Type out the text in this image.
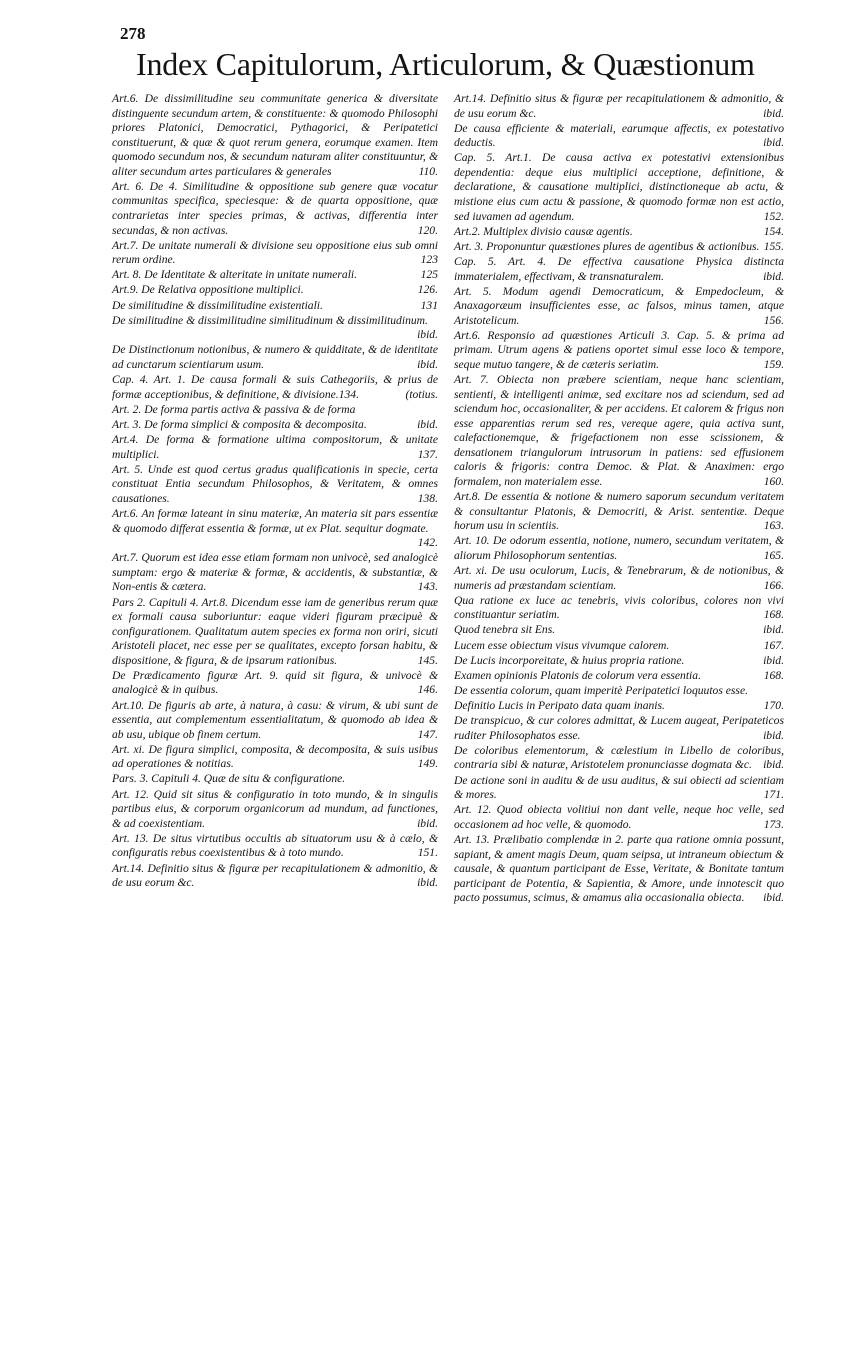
278
Index Capitulorum, Articulorum, & Quæstionum
Art.6. De dissimilitudine seu communitate generica & diversitate distinguente secundum artem, & constituente: & quomodo Philosophi priores Platonici, Democratici, Pythagorici, & Peripatetici constituerunt, & quæ & quot rerum genera, eorumque examen. Item quomodo secundum nos, & secundum naturam aliter constituuntur, & aliter secundum artes particulares & generales	110.
Art. 6. De 4. Similitudine & oppositione sub genere quæ vocatur communitas specifica, speciesque: & de quarta oppositione, quæ contrarietas inter species primas, & activas, differentia inter secundas, & non activas.	120.
Art.7. De unitate numerali & divisione seu oppositione eius sub omni rerum ordine.	123
Art. 8. De Identitate & alteritate in unitate numerali.	125
Art.9. De Relativa oppositione multiplici.	126.
De similitudine & dissimilitudine existentiali.	131
De similitudine & dissimilitudine similitudinum & dissimilitudinum.
ibid.
De Distinctionum notionibus, & numero & quidditate, & de identitate ad cunctarum scientiarum usum.	ibid.
Cap. 4. Art. 1. De causa formali & suis Cathegoriis, & prius de formæ acceptionibus, & definitione, & divisione.134.	(totius.
Art. 2. De forma partis activa & passiva & de forma
Art. 3. De forma simplici & composita & decomposita.	ibid.
Art.4. De forma & formatione ultima compositorum, & unitate multiplici.	137.
Art. 5. Unde est quod certus gradus qualificationis in specie, certa constituat Entia secundum Philosophos, & Veritatem, & omnes causationes.	138.
Art.6. An formæ lateant in sinu materiæ, An materia sit pars essentiæ & quomodo differat essentia & formæ, ut ex Plat. sequitur dogmate.
142.
Art.7. Quorum est idea esse etiam formam non univocè, sed analogicè sumptam: ergo & materiæ & formæ, & accidentis, & substantiæ, & Non-entis & cætera.	143.
Pars 2. Capituli 4. Art.8. Dicendum esse iam de generibus rerum quæ ex formali causa suboriuntur: eaque videri figuram præcipuè & configurationem. Qualitatum autem species ex forma non oriri, sicuti Aristoteli placet, nec esse per se qualitates, excepto forsan habitu, & dispositione, & figura, & de ipsarum rationibus.	145.
De Prædicamento figuræ Art. 9. quid sit figura, & univocè & analogicè & in quibus.	146.
Art.10. De figuris ab arte, à natura, à casu: & virum, & ubi sunt de essentia, aut complementum essentialitatum, & quomodo ab idea & ab usu, ubique ob finem certum.	147.
Art. xi. De figura simplici, composita, & decomposita, & suis usibus ad operationes & notitias.	149.
Pars. 3. Capituli 4. Quæ de situ & configuratione.
Art. 12. Quid sit situs & configuratio in toto mundo, & in singulis partibus eius, & corporum organicorum ad mundum, ad functiones, & ad coexistentiam.	ibid.
Art. 13. De situs virtutibus occultis ab situatorum usu & à cælo, & configuratis rebus coexistentibus & à toto mundo.	151.
Art.14. Definitio situs & figuræ per recapitulationem & admonitio, & de usu eorum &c.	ibid.
Art.14. Definitio situs & figuræ per recapitulationem & admonitio, & de usu eorum &c.	ibid.
De causa efficiente & materiali, earumque affectis, ex potestativo deductis.	ibid.
Cap. 5. Art.1. De causa activa ex potestativi extensionibus dependentia: deque eius multiplici acceptione, definitione, & declaratione, & causatione multiplici, distinctioneque ab actu, & mistione eius cum actu & passione, & quomodo formæ non est actio, sed iuvamen ad agendum.	152.
Art.2. Multiplex divisio causæ agentis.	154.
Art. 3. Proponuntur quæstiones plures de agentibus & actionibus. 155.
Cap. 5. Art. 4. De effectiva causatione Physica distincta immaterialem, effectivam, & transnaturalem.	ibid.
Art. 5. Modum agendi Democraticum, & Empedocleum, & Anaxagoræum insufficientes esse, ac falsos, minus tamen, atque Aristotelicum.	156.
Art.6. Responsio ad quæstiones Articuli 3. Cap. 5. & prima ad primam. Utrum agens & patiens oportet simul esse loco & tempore, seque mutuo tangere, & de cæteris seriatim.	159.
Art. 7. Obiecta non præbere scientiam, neque hanc scientiam, sentienti, & intelligenti animæ, sed excitare nos ad sciendum, sed ad sciendum hoc, occasionaliter, & per accidens. Et calorem & frigus non esse apparentias rerum sed res, vereque agere, quia activa sunt, calefactionemque, & frigefactionem non esse scissionem, & densationem triangulorum intrusorum in patiens: sed effusionem caloris & frigoris: contra Democ. & Plat. & Anaximen: ergo formalem, non materialem esse.	160.
Art.8. De essentia & notione & numero saporum secundum veritatem & consultantur Platonis, & Democriti, & Arist. sententiæ. Deque horum usu in scientiis.	163.
Art. 10. De odorum essentia, notione, numero, secundum veritatem, & aliorum Philosophorum sententias.	165.
Art. xi. De usu oculorum, Lucis, & Tenebrarum, & de notionibus, & numeris ad præstandam scientiam.	166.
Qua ratione ex luce ac tenebris, vivis coloribus, colores non vivi constituantur seriatim.	168.
Quod tenebra sit Ens.	ibid.
Lucem esse obiectum visus vivumque calorem.	167.
De Lucis incorporeitate, & huius propria ratione.	ibid.
Examen opinionis Platonis de colorum vera essentia.	168.
De essentia colorum, quam imperitè Peripatetici loquutos esse.
Definitio Lucis in Peripato data quam inanis.	170.
De transpicuo, & cur colores admittat, & Lucem augeat, Peripateticos ruditer Philosophatos esse.	ibid.
De coloribus elementorum, & cælestium in Libello de coloribus, contraria sibi & naturæ, Aristotelem pronunciasse dogmata &c. ibid.
De actione soni in auditu & de usu auditus, & sui obiecti ad scientiam & mores.	171.
Art. 12. Quod obiecta volitiui non dant velle, neque hoc velle, sed occasionem ad hoc velle, & quomodo.	173.
Art. 13. Prælibatio complendæ in 2. parte qua ratione omnia possunt, sapiant, & ament magis Deum, quam seipsa, ut intraneum obiectum & causale, & quantum participant de Esse, Veritate, & Bonitate tantum participant de Potentia, & Sapientia, & Amore, unde innotescit quo pacto possumus, scimus, & amamus alia occasionalia obiecta.	ibid.
